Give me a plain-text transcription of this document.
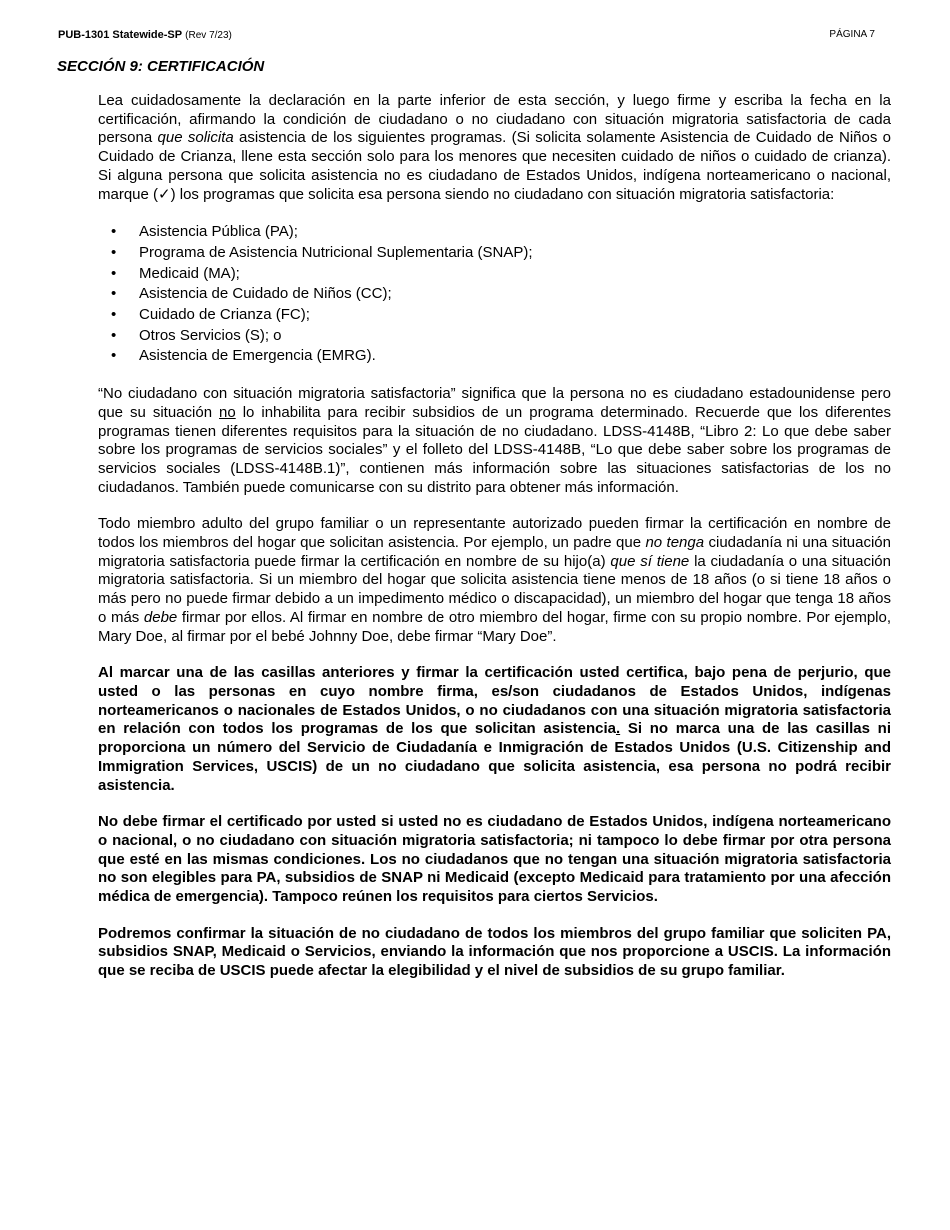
PUB-1301 Statewide-SP (Rev 7/23)	PÁGINA 7
SECCIÓN 9: CERTIFICACIÓN

Lea cuidadosamente la declaración en la parte inferior de esta sección, y luego firme y escriba la fecha en la certificación, afirmando la condición de ciudadano o no ciudadano con situación migratoria satisfactoria de cada persona que solicita asistencia de los siguientes programas. (Si solicita solamente Asistencia de Cuidado de Niños o Cuidado de Crianza, llene esta sección solo para los menores que necesiten cuidado de niños o cuidado de crianza). Si alguna persona que solicita asistencia no es ciudadano de Estados Unidos, indígena norteamericano o nacional, marque (✓) los programas que solicita esa persona siendo no ciudadano con situación migratoria satisfactoria:

• Asistencia Pública (PA);
• Programa de Asistencia Nutricional Suplementaria (SNAP);
• Medicaid (MA);
• Asistencia de Cuidado de Niños (CC);
• Cuidado de Crianza (FC);
• Otros Servicios (S); o
• Asistencia de Emergencia (EMRG).

“No ciudadano con situación migratoria satisfactoria” significa que la persona no es ciudadano estadounidense pero que su situación no lo inhabilita para recibir subsidios de un programa determinado. Recuerde que los diferentes programas tienen diferentes requisitos para la situación de no ciudadano. LDSS-4148B, “Libro 2: Lo que debe saber sobre los programas de servicios sociales” y el folleto del LDSS-4148B, “Lo que debe saber sobre los programas de servicios sociales (LDSS-4148B.1)”, contienen más información sobre las situaciones satisfactorias de los no ciudadanos. También puede comunicarse con su distrito para obtener más información.

Todo miembro adulto del grupo familiar o un representante autorizado pueden firmar la certificación en nombre de todos los miembros del hogar que solicitan asistencia. Por ejemplo, un padre que no tenga ciudadanía ni una situación migratoria satisfactoria puede firmar la certificación en nombre de su hijo(a) que sí tiene la ciudadanía o una situación migratoria satisfactoria. Si un miembro del hogar que solicita asistencia tiene menos de 18 años (o si tiene 18 años o más pero no puede firmar debido a un impedimento médico o discapacidad), un miembro del hogar que tenga 18 años o más debe firmar por ellos. Al firmar en nombre de otro miembro del hogar, firme con su propio nombre. Por ejemplo, Mary Doe, al firmar por el bebé Johnny Doe, debe firmar “Mary Doe”.

Al marcar una de las casillas anteriores y firmar la certificación usted certifica, bajo pena de perjurio, que usted o las personas en cuyo nombre firma, es/son ciudadanos de Estados Unidos, indígenas norteamericanos o nacionales de Estados Unidos, o no ciudadanos con una situación migratoria satisfactoria en relación con todos los programas de los que solicitan asistencia. Si no marca una de las casillas ni proporciona un número del Servicio de Ciudadanía e Inmigración de Estados Unidos (U.S. Citizenship and Immigration Services, USCIS) de un no ciudadano que solicita asistencia, esa persona no podrá recibir asistencia.

No debe firmar el certificado por usted si usted no es ciudadano de Estados Unidos, indígena norteamericano o nacional, o no ciudadano con situación migratoria satisfactoria; ni tampoco lo debe firmar por otra persona que esté en las mismas condiciones. Los no ciudadanos que no tengan una situación migratoria satisfactoria no son elegibles para PA, subsidios de SNAP ni Medicaid (excepto Medicaid para tratamiento por una afección médica de emergencia). Tampoco reúnen los requisitos para ciertos Servicios.

Podremos confirmar la situación de no ciudadano de todos los miembros del grupo familiar que soliciten PA, subsidios SNAP, Medicaid o Servicios, enviando la información que nos proporcione a USCIS. La información que se reciba de USCIS puede afectar la elegibilidad y el nivel de subsidios de su grupo familiar.
